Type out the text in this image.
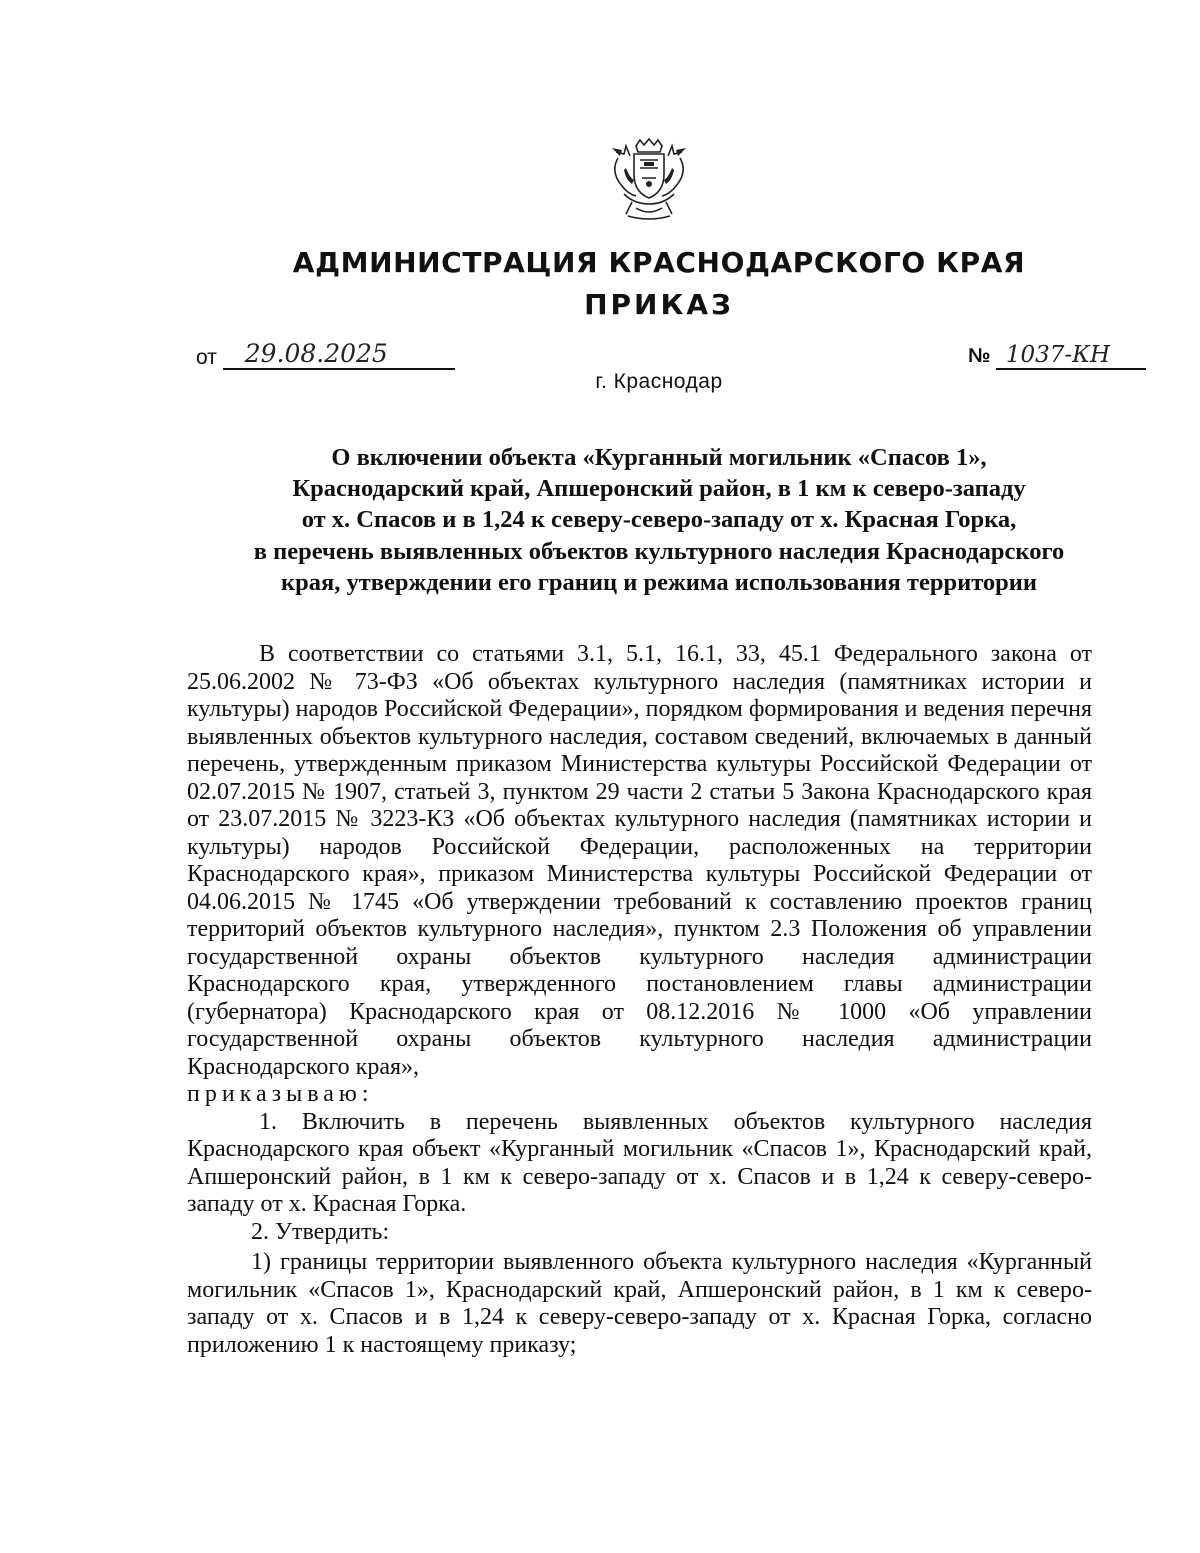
АДМИНИСТРАЦИЯ КРАСНОДАРСКОГО КРАЯ
ПРИКАЗ
от 29.08.2025	№ 1037-КН
г. Краснодар
О включении объекта «Курганный могильник «Спасов 1»,
Краснодарский край, Апшеронский район, в 1 км к северо-западу
от х. Спасов и в 1,24 к северу-северо-западу от х. Красная Горка,
в перечень выявленных объектов культурного наследия Краснодарского
края, утверждении его границ и режима использования территории

В соответствии со статьями 3.1, 5.1, 16.1, 33, 45.1 Федерального закона от 25.06.2002 № 73-ФЗ «Об объектах культурного наследия (памятниках истории и культуры) народов Российской Федерации», порядком формирования и ведения перечня выявленных объектов культурного наследия, составом сведений, включаемых в данный перечень, утвержденным приказом Министерства культуры Российской Федерации от 02.07.2015 № 1907, статьей 3, пунктом 29 части 2 статьи 5 Закона Краснодарского края от 23.07.2015 № 3223-КЗ «Об объектах культурного наследия (памятниках истории и культуры) народов Российской Федерации, расположенных на территории Краснодарского края», приказом Министерства культуры Российской Федерации от 04.06.2015 № 1745 «Об утверждении требований к составлению проектов границ территорий объектов культурного наследия», пунктом 2.3 Положения об управлении государственной охраны объектов культурного наследия администрации Краснодарского края, утвержденного постановлением главы администрации (губернатора) Краснодарского края от 08.12.2016 № 1000 «Об управлении государственной охраны объектов культурного наследия администрации Краснодарского края»,

приказываю:

1. Включить в перечень выявленных объектов культурного наследия Краснодарского края объект «Курганный могильник «Спасов 1», Краснодарский край, Апшеронский район, в 1 км к северо-западу от х. Спасов и в 1,24 к северу-северо-западу от х. Красная Горка.

2. Утвердить:

1) границы территории выявленного объекта культурного наследия «Курганный могильник «Спасов 1», Краснодарский край, Апшеронский район, в 1 км к северо-западу от х. Спасов и в 1,24 к северу-северо-западу от х. Красная Горка, согласно приложению 1 к настоящему приказу;
